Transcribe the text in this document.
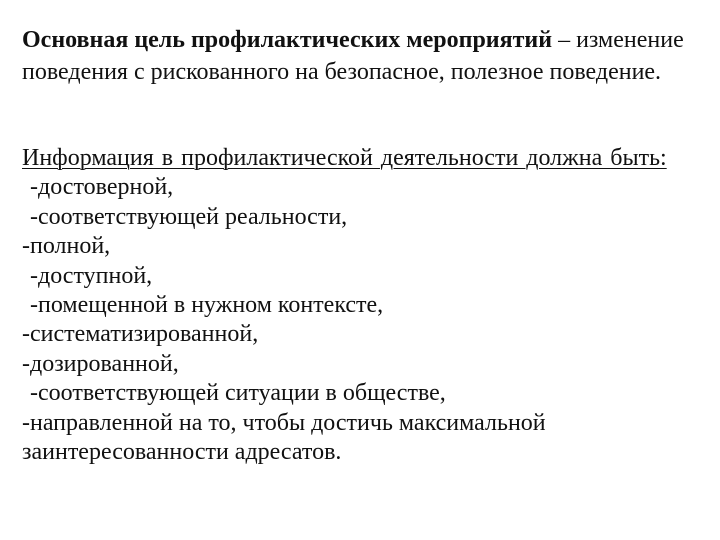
Основная цель профилактических мероприятий – изменение поведения с рискованного на безопасное, полезное поведение.

Информация в профилактической деятельности должна быть:

-достоверной,
-соответствующей реальности,
-полной,
-доступной,
-помещенной в нужном контексте,
-систематизированной,
-дозированной,
-соответствующей ситуации в обществе,
-направленной на то, чтобы достичь максимальной заинтересованности адресатов.
